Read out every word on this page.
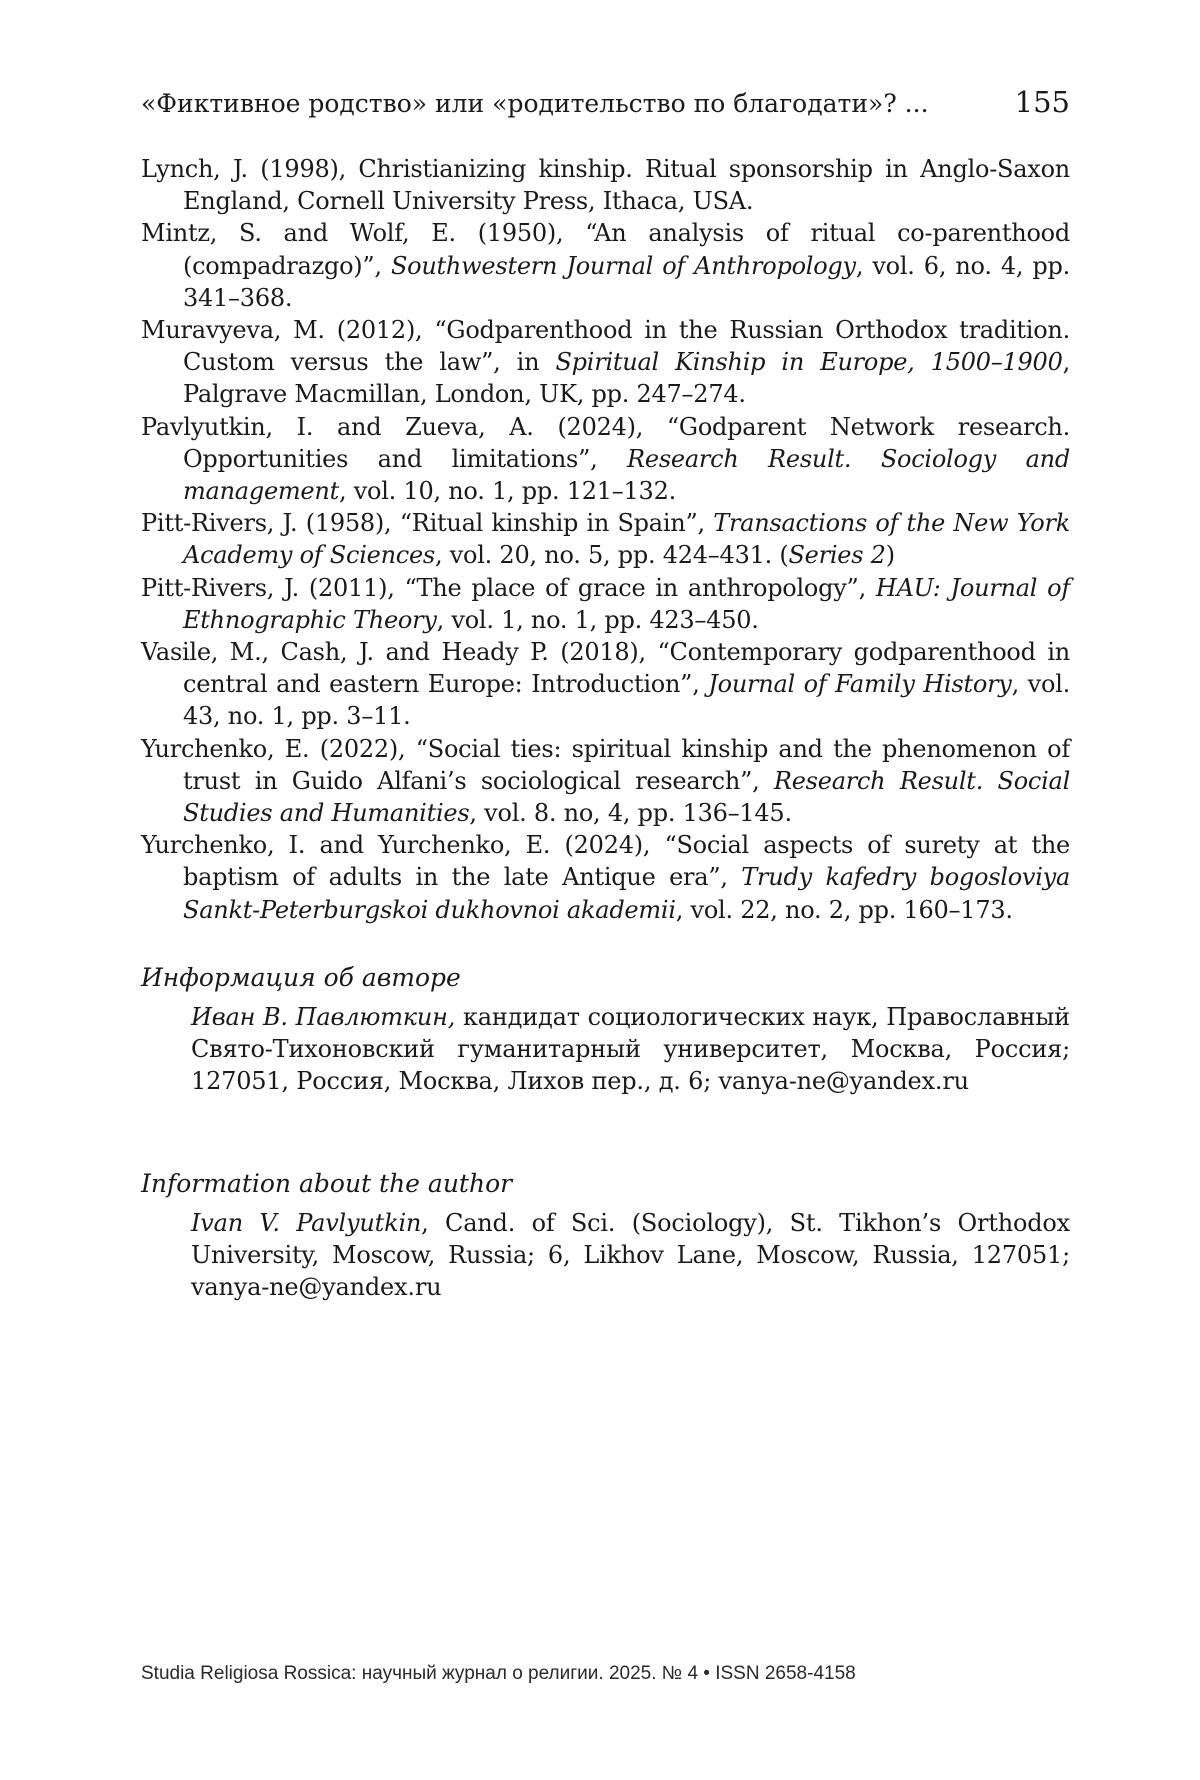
«Фиктивное родство» или «родительство по благодати»? ...	155
Lynch, J. (1998), Christianizing kinship. Ritual sponsorship in Anglo-Saxon England, Cornell University Press, Ithaca, USA.
Mintz, S. and Wolf, E. (1950), “An analysis of ritual co-parenthood (compadrazgo)”, Southwestern Journal of Anthropology, vol. 6, no. 4, pp. 341–368.
Muravyeva, M. (2012), “Godparenthood in the Russian Orthodox tradition. Custom versus the law”, in Spiritual Kinship in Europe, 1500–1900, Palgrave Macmillan, London, UK, pp. 247–274.
Pavlyutkin, I. and Zueva, A. (2024), “Godparent Network research. Opportunities and limitations”, Research Result. Sociology and management, vol. 10, no. 1, pp. 121–132.
Pitt-Rivers, J. (1958), “Ritual kinship in Spain”, Transactions of the New York Academy of Sciences, vol. 20, no. 5, pp. 424–431. (Series 2)
Pitt-Rivers, J. (2011), “The place of grace in anthropology”, HAU: Journal of Ethnographic Theory, vol. 1, no. 1, pp. 423–450.
Vasile, M., Cash, J. and Heady P. (2018), “Contemporary godparenthood in central and eastern Europe: Introduction”, Journal of Family History, vol. 43, no. 1, pp. 3–11.
Yurchenko, E. (2022), “Social ties: spiritual kinship and the phenomenon of trust in Guido Alfani’s sociological research”, Research Result. Social Studies and Humanities, vol. 8. no, 4, pp. 136–145.
Yurchenko, I. and Yurchenko, E. (2024), “Social aspects of surety at the baptism of adults in the late Antique era”, Trudy kafedry bogosloviya Sankt-Peterburgskoi dukhovnoi akademii, vol. 22, no. 2, pp. 160–173.

Информация об авторе

Иван В. Павлюткин, кандидат социологических наук, Православный Свято-Тихоновский гуманитарный университет, Москва, Россия; 127051, Россия, Москва, Лихов пер., д. 6; vanya-ne@yandex.ru

Information about the author

Ivan V. Pavlyutkin, Cand. of Sci. (Sociology), St. Tikhon’s Orthodox University, Moscow, Russia; 6, Likhov Lane, Moscow, Russia, 127051; vanya-ne@yandex.ru

Studia Religiosa Rossica: научный журнал о религии. 2025. № 4 • ISSN 2658-4158
